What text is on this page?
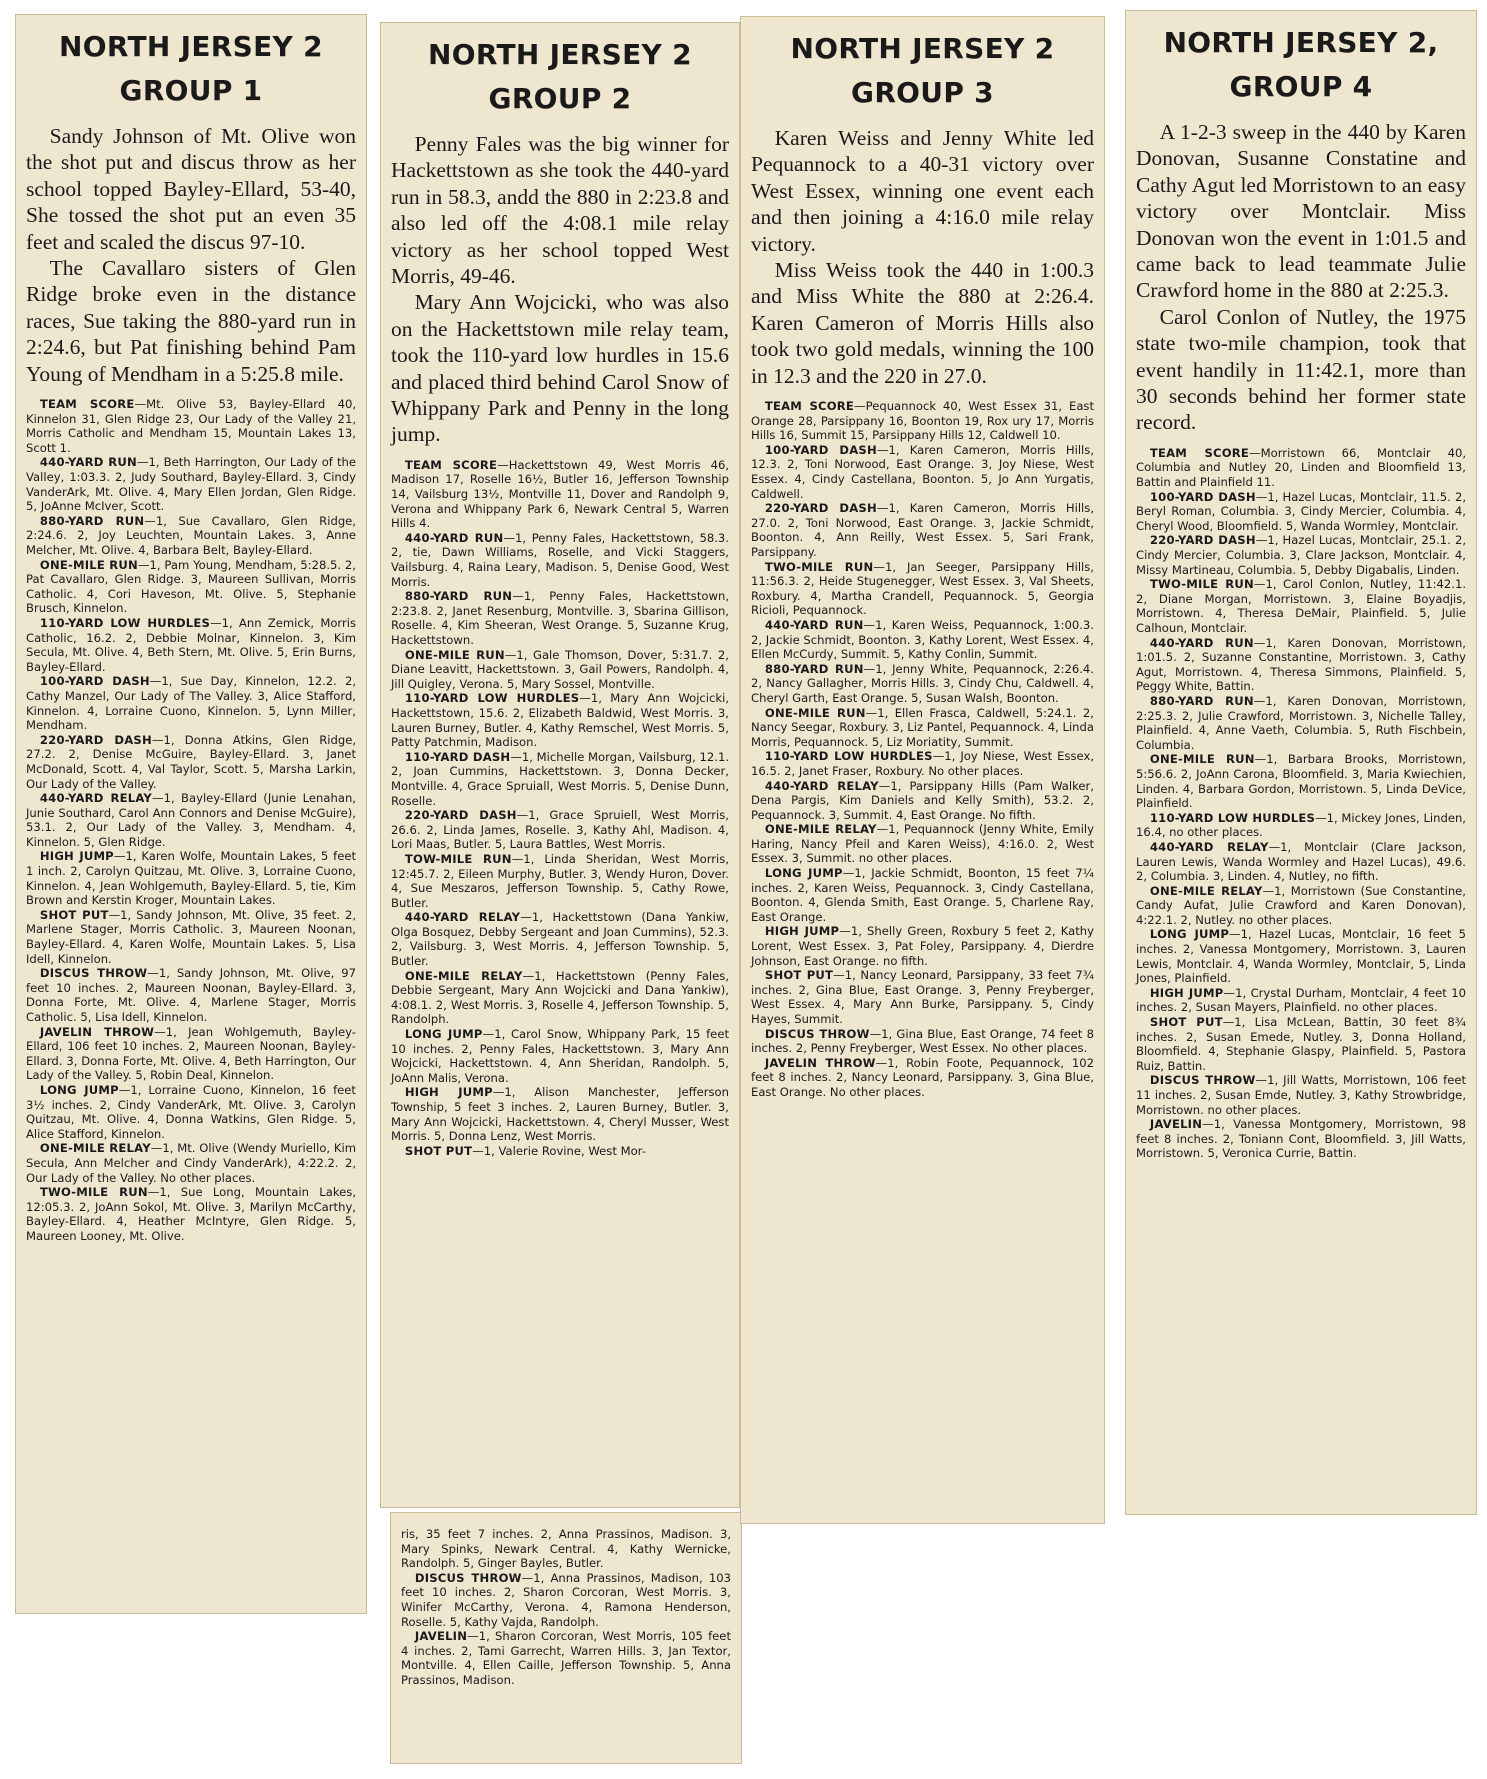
NORTH JERSEY 2
GROUP 1

Sandy Johnson of Mt. Olive won the shot put and discus throw as her school topped Bayley-Ellard, 53-40, She tossed the shot put an even 35 feet and scaled the discus 97-10.

The Cavallaro sisters of Glen Ridge broke even in the distance races, Sue taking the 880-yard run in 2:24.6, but Pat finishing behind Pam Young of Mendham in a 5:25.8 mile.

TEAM SCORE—Mt. Olive 53, Bayley-Ellard 40, Kinnelon 31, Glen Ridge 23, Our Lady of the Valley 21, Morris Catholic and Mendham 15, Mountain Lakes 13, Scott 1.

440-YARD RUN—1, Beth Harrington, Our Lady of the Valley, 1:03.3. 2, Judy Southard, Bayley-Ellard. 3, Cindy VanderArk, Mt. Olive. 4, Mary Ellen Jordan, Glen Ridge. 5, JoAnne McIver, Scott.

880-YARD RUN—1, Sue Cavallaro, Glen Ridge, 2:24.6. 2, Joy Leuchten, Mountain Lakes. 3, Anne Melcher, Mt. Olive. 4, Barbara Belt, Bayley-Ellard.

ONE-MILE RUN—1, Pam Young, Mendham, 5:28.5. 2, Pat Cavallaro, Glen Ridge. 3, Maureen Sullivan, Morris Catholic. 4, Cori Haveson, Mt. Olive. 5, Stephanie Brusch, Kinnelon.

110-YARD LOW HURDLES—1, Ann Zemick, Morris Catholic, 16.2. 2, Debbie Molnar, Kinnelon. 3, Kim Secula, Mt. Olive. 4, Beth Stern, Mt. Olive. 5, Erin Burns, Bayley-Ellard.

100-YARD DASH—1, Sue Day, Kinnelon, 12.2. 2, Cathy Manzel, Our Lady of The Valley. 3, Alice Stafford, Kinnelon. 4, Lorraine Cuono, Kinnelon. 5, Lynn Miller, Mendham.

220-YARD DASH—1, Donna Atkins, Glen Ridge, 27.2. 2, Denise McGuire, Bayley-Ellard. 3, Janet McDonald, Scott. 4, Val Taylor, Scott. 5, Marsha Larkin, Our Lady of the Valley.

440-YARD RELAY—1, Bayley-Ellard (Junie Lenahan, Junie Southard, Carol Ann Connors and Denise McGuire), 53.1. 2, Our Lady of the Valley. 3, Mendham. 4, Kinnelon. 5, Glen Ridge.

HIGH JUMP—1, Karen Wolfe, Mountain Lakes, 5 feet 1 inch. 2, Carolyn Quitzau, Mt. Olive. 3, Lorraine Cuono, Kinnelon. 4, Jean Wohlgemuth, Bayley-Ellard. 5, tie, Kim Brown and Kerstin Kroger, Mountain Lakes.

SHOT PUT—1, Sandy Johnson, Mt. Olive, 35 feet. 2, Marlene Stager, Morris Catholic. 3, Maureen Noonan, Bayley-Ellard. 4, Karen Wolfe, Mountain Lakes. 5, Lisa Idell, Kinnelon.

DISCUS THROW—1, Sandy Johnson, Mt. Olive, 97 feet 10 inches. 2, Maureen Noonan, Bayley-Ellard. 3, Donna Forte, Mt. Olive. 4, Marlene Stager, Morris Catholic. 5, Lisa Idell, Kinnelon.

JAVELIN THROW—1, Jean Wohlgemuth, Bayley-Ellard, 106 feet 10 inches. 2, Maureen Noonan, Bayley-Ellard. 3, Donna Forte, Mt. Olive. 4, Beth Harrington, Our Lady of the Valley. 5, Robin Deal, Kinnelon.

LONG JUMP—1, Lorraine Cuono, Kinnelon, 16 feet 3½ inches. 2, Cindy VanderArk, Mt. Olive. 3, Carolyn Quitzau, Mt. Olive. 4, Donna Watkins, Glen Ridge. 5, Alice Stafford, Kinnelon.

ONE-MILE RELAY—1, Mt. Olive (Wendy Muriello, Kim Secula, Ann Melcher and Cindy VanderArk), 4:22.2. 2, Our Lady of the Valley. No other places.

TWO-MILE RUN—1, Sue Long, Mountain Lakes, 12:05.3. 2, JoAnn Sokol, Mt. Olive. 3, Marilyn McCarthy, Bayley-Ellard. 4, Heather McIntyre, Glen Ridge. 5, Maureen Looney, Mt. Olive.

NORTH JERSEY 2
GROUP 2

Penny Fales was the big winner for Hackettstown as she took the 440-yard run in 58.3, andd the 880 in 2:23.8 and also led off the 4:08.1 mile relay victory as her school topped West Morris, 49-46.

Mary Ann Wojcicki, who was also on the Hackettstown mile relay team, took the 110-yard low hurdles in 15.6 and placed third behind Carol Snow of Whippany Park and Penny in the long jump.

TEAM SCORE—Hackettstown 49, West Morris 46, Madison 17, Roselle 16½, Butler 16, Jefferson Township 14, Vailsburg 13½, Montville 11, Dover and Randolph 9, Verona and Whippany Park 6, Newark Central 5, Warren Hills 4.

440-YARD RUN—1, Penny Fales, Hackettstown, 58.3. 2, tie, Dawn Williams, Roselle, and Vicki Staggers, Vailsburg. 4, Raina Leary, Madison. 5, Denise Good, West Morris.

880-YARD RUN—1, Penny Fales, Hackettstown, 2:23.8. 2, Janet Resenburg, Montville. 3, Sbarina Gillison, Roselle. 4, Kim Sheeran, West Orange. 5, Suzanne Krug, Hackettstown.

ONE-MILE RUN—1, Gale Thomson, Dover, 5:31.7. 2, Diane Leavitt, Hackettstown. 3, Gail Powers, Randolph. 4, Jill Quigley, Verona. 5, Mary Sossel, Montville.

110-YARD LOW HURDLES—1, Mary Ann Wojcicki, Hackettstown, 15.6. 2, Elizabeth Baldwid, West Morris. 3, Lauren Burney, Butler. 4, Kathy Remschel, West Morris. 5, Patty Patchmin, Madison.

110-YARD DASH—1, Michelle Morgan, Vailsburg, 12.1. 2, Joan Cummins, Hackettstown. 3, Donna Decker, Montville. 4, Grace Spruiall, West Morris. 5, Denise Dunn, Roselle.

220-YARD DASH—1, Grace Spruiell, West Morris, 26.6. 2, Linda James, Roselle. 3, Kathy Ahl, Madison. 4, Lori Maas, Butler. 5, Laura Battles, West Morris.

TOW-MILE RUN—1, Linda Sheridan, West Morris, 12:45.7. 2, Eileen Murphy, Butler. 3, Wendy Huron, Dover. 4, Sue Meszaros, Jefferson Township. 5, Cathy Rowe, Butler.

440-YARD RELAY—1, Hackettstown (Dana Yankiw, Olga Bosquez, Debby Sergeant and Joan Cummins), 52.3. 2, Vailsburg. 3, West Morris. 4, Jefferson Township. 5, Butler.

ONE-MILE RELAY—1, Hackettstown (Penny Fales, Debbie Sergeant, Mary Ann Wojcicki and Dana Yankiw), 4:08.1. 2, West Morris. 3, Roselle 4, Jefferson Township. 5, Randolph.

LONG JUMP—1, Carol Snow, Whippany Park, 15 feet 10 inches. 2, Penny Fales, Hackettstown. 3, Mary Ann Wojcicki, Hackettstown. 4, Ann Sheridan, Randolph. 5, JoAnn Malis, Verona.

HIGH JUMP—1, Alison Manchester, Jefferson Township, 5 feet 3 inches. 2, Lauren Burney, Butler. 3, Mary Ann Wojcicki, Hackettstown. 4, Cheryl Musser, West Morris. 5, Donna Lenz, West Morris.

SHOT PUT—1, Valerie Rovine, West Mor-

ris, 35 feet 7 inches. 2, Anna Prassinos, Madison. 3, Mary Spinks, Newark Central. 4, Kathy Wernicke, Randolph. 5, Ginger Bayles, Butler.

DISCUS THROW—1, Anna Prassinos, Madison, 103 feet 10 inches. 2, Sharon Corcoran, West Morris. 3, Winifer McCarthy, Verona. 4, Ramona Henderson, Roselle. 5, Kathy Vajda, Randolph.

JAVELIN—1, Sharon Corcoran, West Morris, 105 feet 4 inches. 2, Tami Garrecht, Warren Hills. 3, Jan Textor, Montville. 4, Ellen Caille, Jefferson Township. 5, Anna Prassinos, Madison.

NORTH JERSEY 2
GROUP 3

Karen Weiss and Jenny White led Pequannock to a 40-31 victory over West Essex, winning one event each and then joining a 4:16.0 mile relay victory.

Miss Weiss took the 440 in 1:00.3 and Miss White the 880 at 2:26.4. Karen Cameron of Morris Hills also took two gold medals, winning the 100 in 12.3 and the 220 in 27.0.

TEAM SCORE—Pequannock 40, West Essex 31, East Orange 28, Parsippany 16, Boonton 19, Rox ury 17, Morris Hills 16, Summit 15, Parsippany Hills 12, Caldwell 10.

100-YARD DASH—1, Karen Cameron, Morris Hills, 12.3. 2, Toni Norwood, East Orange. 3, Joy Niese, West Essex. 4, Cindy Castellana, Boonton. 5, Jo Ann Yurgatis, Caldwell.

220-YARD DASH—1, Karen Cameron, Morris Hills, 27.0. 2, Toni Norwood, East Orange. 3, Jackie Schmidt, Boonton. 4, Ann Reilly, West Essex. 5, Sari Frank, Parsippany.

TWO-MILE RUN—1, Jan Seeger, Parsippany Hills, 11:56.3. 2, Heide Stugenegger, West Essex. 3, Val Sheets, Roxbury. 4, Martha Crandell, Pequannock. 5, Georgia Ricioli, Pequannock.

440-YARD RUN—1, Karen Weiss, Pequannock, 1:00.3. 2, Jackie Schmidt, Boonton. 3, Kathy Lorent, West Essex. 4, Ellen McCurdy, Summit. 5, Kathy Conlin, Summit.

880-YARD RUN—1, Jenny White, Pequannock, 2:26.4. 2, Nancy Gallagher, Morris Hills. 3, Cindy Chu, Caldwell. 4, Cheryl Garth, East Orange. 5, Susan Walsh, Boonton.

ONE-MILE RUN—1, Ellen Frasca, Caldwell, 5:24.1. 2, Nancy Seegar, Roxbury. 3, Liz Pantel, Pequannock. 4, Linda Morris, Pequannock. 5, Liz Moriatity, Summit.

110-YARD LOW HURDLES—1, Joy Niese, West Essex, 16.5. 2, Janet Fraser, Roxbury. No other places.

440-YARD RELAY—1, Parsippany Hills (Pam Walker, Dena Pargis, Kim Daniels and Kelly Smith), 53.2. 2, Pequannock. 3, Summit. 4, East Orange. No fifth.

ONE-MILE RELAY—1, Pequannock (Jenny White, Emily Haring, Nancy Pfeil and Karen Weiss), 4:16.0. 2, West Essex. 3, Summit. no other places.

LONG JUMP—1, Jackie Schmidt, Boonton, 15 feet 7¼ inches. 2, Karen Weiss, Pequannock. 3, Cindy Castellana, Boonton. 4, Glenda Smith, East Orange. 5, Charlene Ray, East Orange.

HIGH JUMP—1, Shelly Green, Roxbury 5 feet 2, Kathy Lorent, West Essex. 3, Pat Foley, Parsippany. 4, Dierdre Johnson, East Orange. no fifth.

SHOT PUT—1, Nancy Leonard, Parsippany, 33 feet 7¾ inches. 2, Gina Blue, East Orange. 3, Penny Freyberger, West Essex. 4, Mary Ann Burke, Parsippany. 5, Cindy Hayes, Summit.

DISCUS THROW—1, Gina Blue, East Orange, 74 feet 8 inches. 2, Penny Freyberger, West Essex. No other places.

JAVELIN THROW—1, Robin Foote, Pequannock, 102 feet 8 inches. 2, Nancy Leonard, Parsippany. 3, Gina Blue, East Orange. No other places.

NORTH JERSEY 2,
GROUP 4

A 1-2-3 sweep in the 440 by Karen Donovan, Susanne Constatine and Cathy Agut led Morristown to an easy victory over Montclair. Miss Donovan won the event in 1:01.5 and came back to lead teammate Julie Crawford home in the 880 at 2:25.3.

Carol Conlon of Nutley, the 1975 state two-mile champion, took that event handily in 11:42.1, more than 30 seconds behind her former state record.

TEAM SCORE—Morristown 66, Montclair 40, Columbia and Nutley 20, Linden and Bloomfield 13, Battin and Plainfield 11.

100-YARD DASH—1, Hazel Lucas, Montclair, 11.5. 2, Beryl Roman, Columbia. 3, Cindy Mercier, Columbia. 4, Cheryl Wood, Bloomfield. 5, Wanda Wormley, Montclair.

220-YARD DASH—1, Hazel Lucas, Montclair, 25.1. 2, Cindy Mercier, Columbia. 3, Clare Jackson, Montclair. 4, Missy Martineau, Columbia. 5, Debby Digabalis, Linden.

TWO-MILE RUN—1, Carol Conlon, Nutley, 11:42.1. 2, Diane Morgan, Morristown. 3, Elaine Boyadjis, Morristown. 4, Theresa DeMair, Plainfield. 5, Julie Calhoun, Montclair.

440-YARD RUN—1, Karen Donovan, Morristown, 1:01.5. 2, Suzanne Constantine, Morristown. 3, Cathy Agut, Morristown. 4, Theresa Simmons, Plainfield. 5, Peggy White, Battin.

880-YARD RUN—1, Karen Donovan, Morristown, 2:25.3. 2, Julie Crawford, Morristown. 3, Nichelle Talley, Plainfield. 4, Anne Vaeth, Columbia. 5, Ruth Fischbein, Columbia.

ONE-MILE RUN—1, Barbara Brooks, Morristown, 5:56.6. 2, JoAnn Carona, Bloomfield. 3, Maria Kwiechien, Linden. 4, Barbara Gordon, Morristown. 5, Linda DeVice, Plainfield.

110-YARD LOW HURDLES—1, Mickey Jones, Linden, 16.4, no other places.

440-YARD RELAY—1, Montclair (Clare Jackson, Lauren Lewis, Wanda Wormley and Hazel Lucas), 49.6. 2, Columbia. 3, Linden. 4, Nutley, no fifth.

ONE-MILE RELAY—1, Morristown (Sue Constantine, Candy Aufat, Julie Crawford and Karen Donovan), 4:22.1. 2, Nutley. no other places.

LONG JUMP—1, Hazel Lucas, Montclair, 16 feet 5 inches. 2, Vanessa Montgomery, Morristown. 3, Lauren Lewis, Montclair. 4, Wanda Wormley, Montclair, 5, Linda Jones, Plainfield.

HIGH JUMP—1, Crystal Durham, Montclair, 4 feet 10 inches. 2, Susan Mayers, Plainfield. no other places.

SHOT PUT—1, Lisa McLean, Battin, 30 feet 8¾ inches. 2, Susan Emede, Nutley. 3, Donna Holland, Bloomfield. 4, Stephanie Glaspy, Plainfield. 5, Pastora Ruiz, Battin.

DISCUS THROW—1, Jill Watts, Morristown, 106 feet 11 inches. 2, Susan Emde, Nutley. 3, Kathy Strowbridge, Morristown. no other places.

JAVELIN—1, Vanessa Montgomery, Morristown, 98 feet 8 inches. 2, Toniann Cont, Bloomfield. 3, Jill Watts, Morristown. 5, Veronica Currie, Battin.
